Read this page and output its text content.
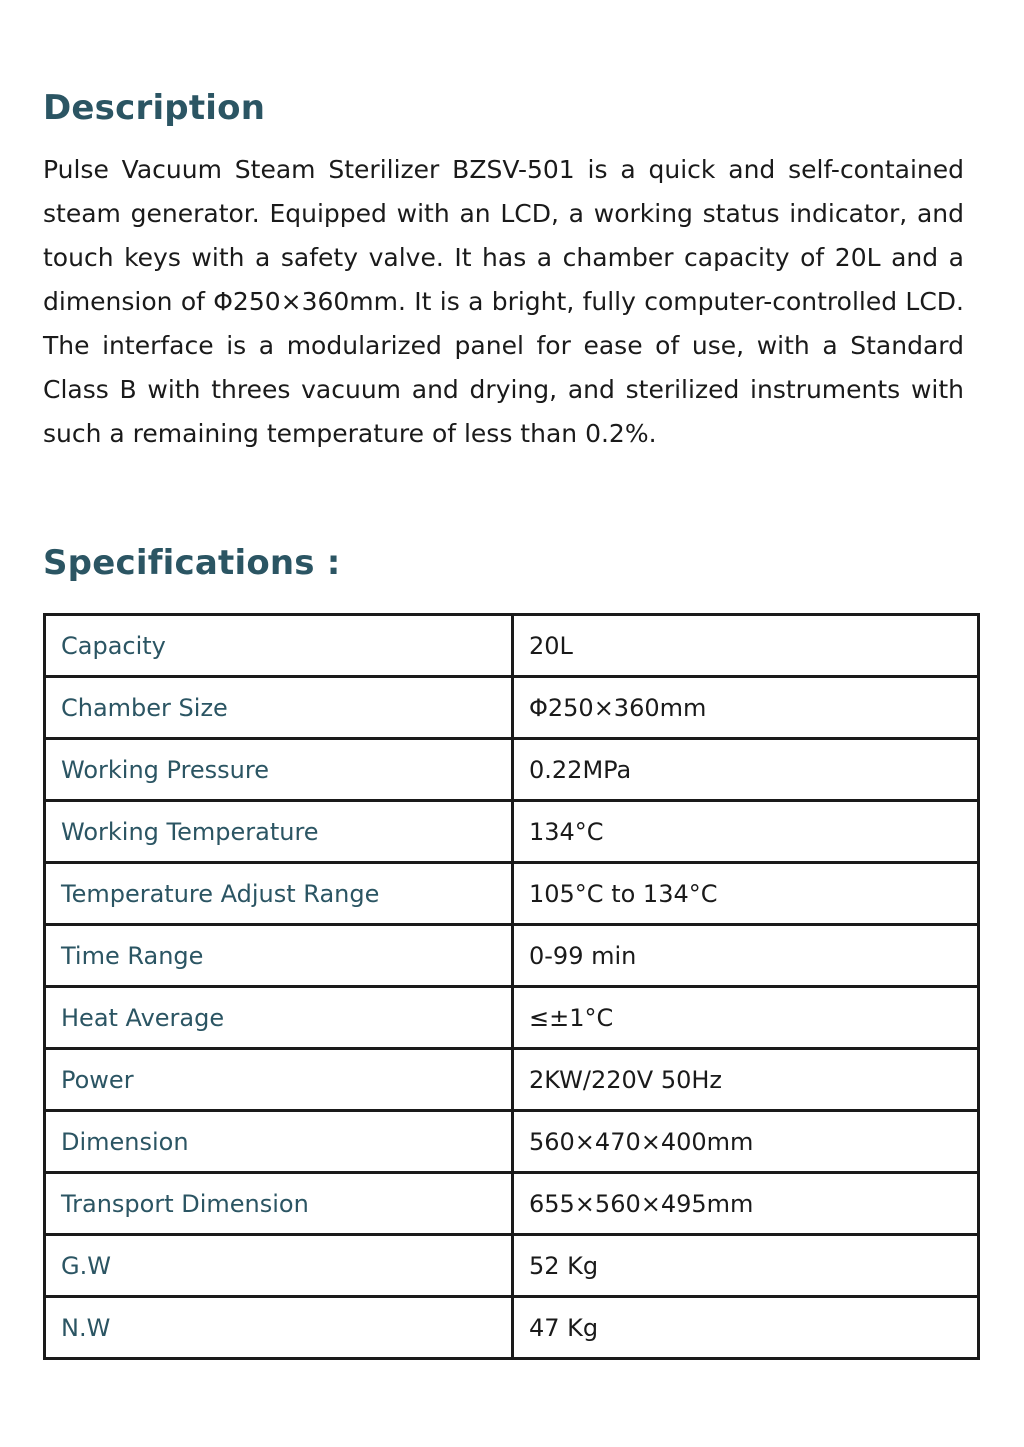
Description

Pulse Vacuum Steam Sterilizer BZSV-501 is a quick and self-contained steam generator. Equipped with an LCD, a working status indicator, and touch keys with a safety valve. It has a chamber capacity of 20L and a dimension of Φ250×360mm. It is a bright, fully computer-controlled LCD. The interface is a modularized panel for ease of use, with a Standard Class B with threes vacuum and drying, and sterilized instruments with such a remaining temperature of less than 0.2%.

Specifications :
Capacity	20L
Chamber Size	Φ250×360mm
Working Pressure	0.22MPa
Working Temperature	134°C
Temperature Adjust Range	105°C to 134°C
Time Range	0-99 min
Heat Average	≤±1°C
Power	2KW/220V 50Hz
Dimension	560×470×400mm
Transport Dimension	655×560×495mm
G.W	52 Kg
N.W	47 Kg
